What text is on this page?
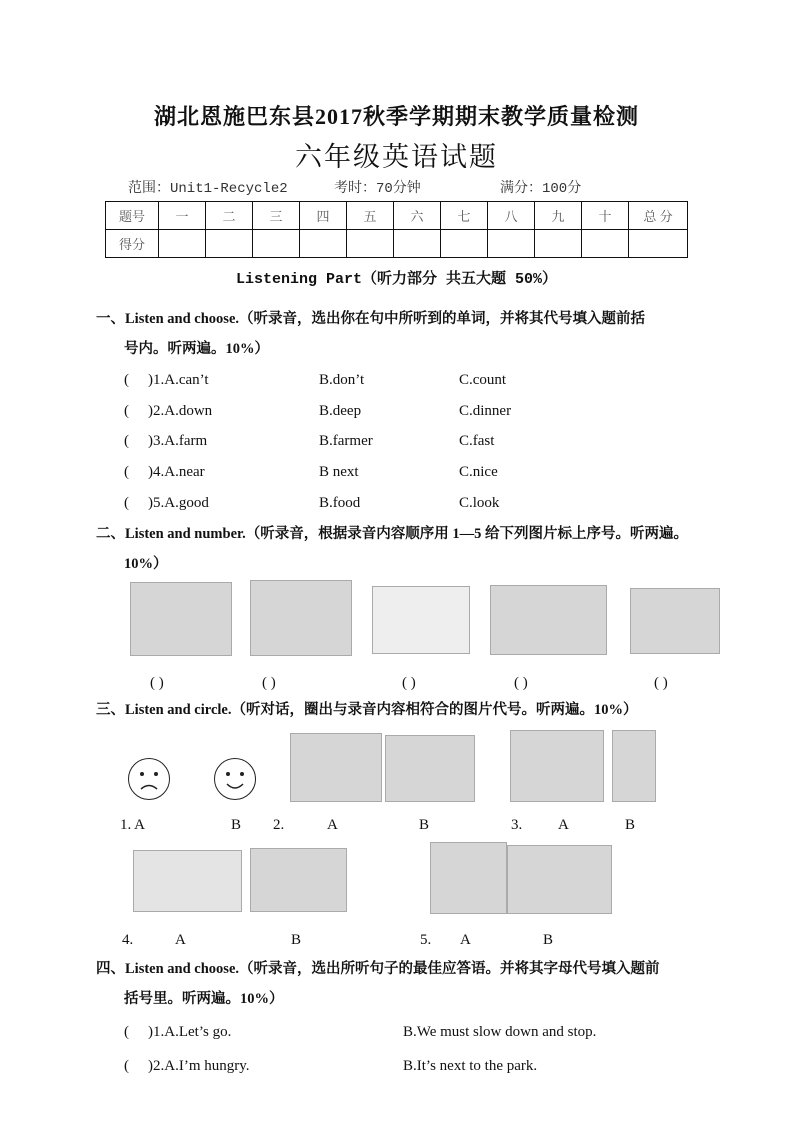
湖北恩施巴东县2017秋季学期期末教学质量检测
六年级英语试题
范围：Unit1-Recycle2	考时：70分钟	满分：100分
题号	一	二	三	四	五	六	七	八	九	十	总 分
得分											
Listening Part（听力部分 共五大题 50%）
一、Listen and choose.（听录音，选出你在句中所听到的单词，并将其代号填入题前括
号内。听两遍。10%）
( )1.A.can’t	B.don’t	C.count
( )2.A.down	B.deep	C.dinner
( )3.A.farm	B.farmer	C.fast
( )4.A.near	B next	C.nice
( )5.A.good	B.food	C.look
二、Listen and number.（听录音，根据录音内容顺序用 1—5 给下列图片标上序号。听两遍。
10%）
( )	( )	( )	( )	( )
三、Listen and circle.（听对话，圈出与录音内容相符合的图片代号。听两遍。10%）
1. A	B 2.	A	B	3. A	B
4.	A	B	5. A	B
四、Listen and choose.（听录音，选出所听句子的最佳应答语。并将其字母代号填入题前
括号里。听两遍。10%）
( )1.A.Let’s go.	B.We must slow down and stop.
( )2.A.I’m hungry.	B.It’s next to the park.
